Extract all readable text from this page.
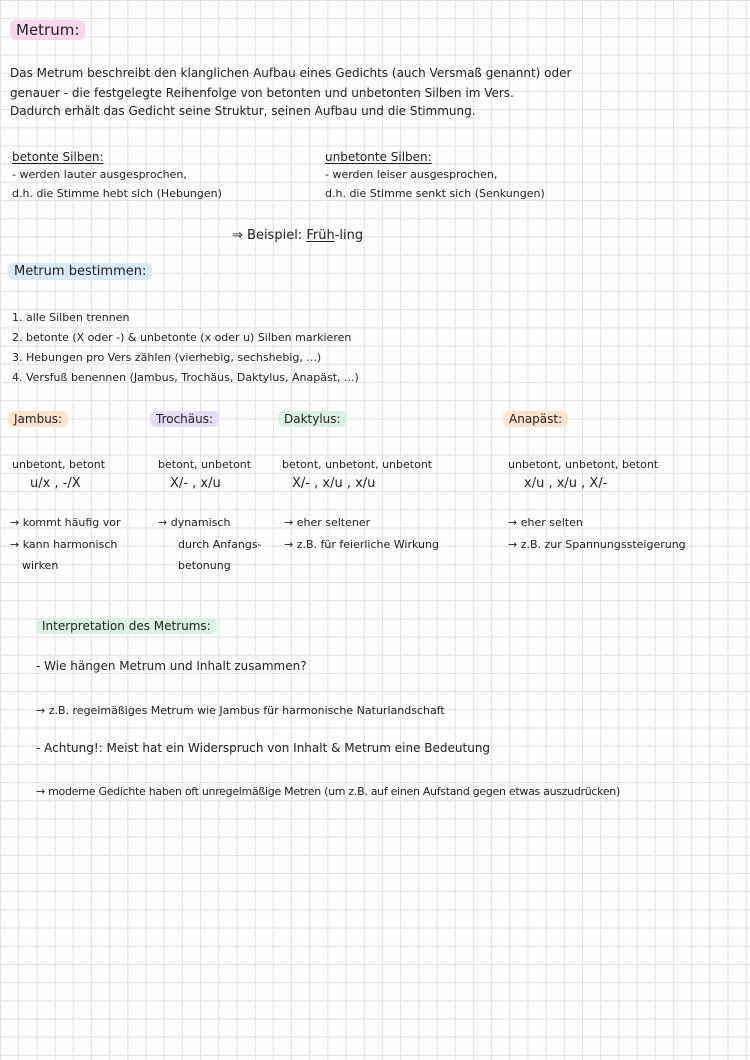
Metrum:
Das Metrum beschreibt den klanglichen Aufbau eines Gedichts (auch Versmaß genannt) oder
genauer - die festgelegte Reihenfolge von betonten und unbetonten Silben im Vers.
Dadurch erhält das Gedicht seine Struktur, seinen Aufbau und die Stimmung.
betonte Silben:
- werden lauter ausgesprochen,
d.h. die Stimme hebt sich (Hebungen)
unbetonte Silben:
- werden leiser ausgesprochen,
d.h. die Stimme senkt sich (Senkungen)
⇒ Beispiel: Früh-ling
Metrum bestimmen:
1. alle Silben trennen
2. betonte (X oder -) & unbetonte (x oder u) Silben markieren
3. Hebungen pro Vers zählen (vierhebig, sechshebig, ...)
4. Versfuß benennen (Jambus, Trochäus, Daktylus, Anapäst, ...)
Jambus:
unbetont, betont
u/x , -/X
→ kommt häufig vor
→ kann harmonisch
wirken
Trochäus:
betont, unbetont
X/- , x/u
→ dynamisch
durch Anfangs-
betonung
Daktylus:
betont, unbetont, unbetont
X/- , x/u , x/u
→ eher seltener
→ z.B. für feierliche Wirkung
Anapäst:
unbetont, unbetont, betont
x/u , x/u , X/-
→ eher selten
→ z.B. zur Spannungssteigerung
Interpretation des Metrums:
- Wie hängen Metrum und Inhalt zusammen?
→ z.B. regelmäßiges Metrum wie Jambus für harmonische Naturlandschaft
- Achtung!: Meist hat ein Widerspruch von Inhalt & Metrum eine Bedeutung
→ moderne Gedichte haben oft unregelmäßige Metren (um z.B. auf einen Aufstand gegen etwas auszudrücken)
